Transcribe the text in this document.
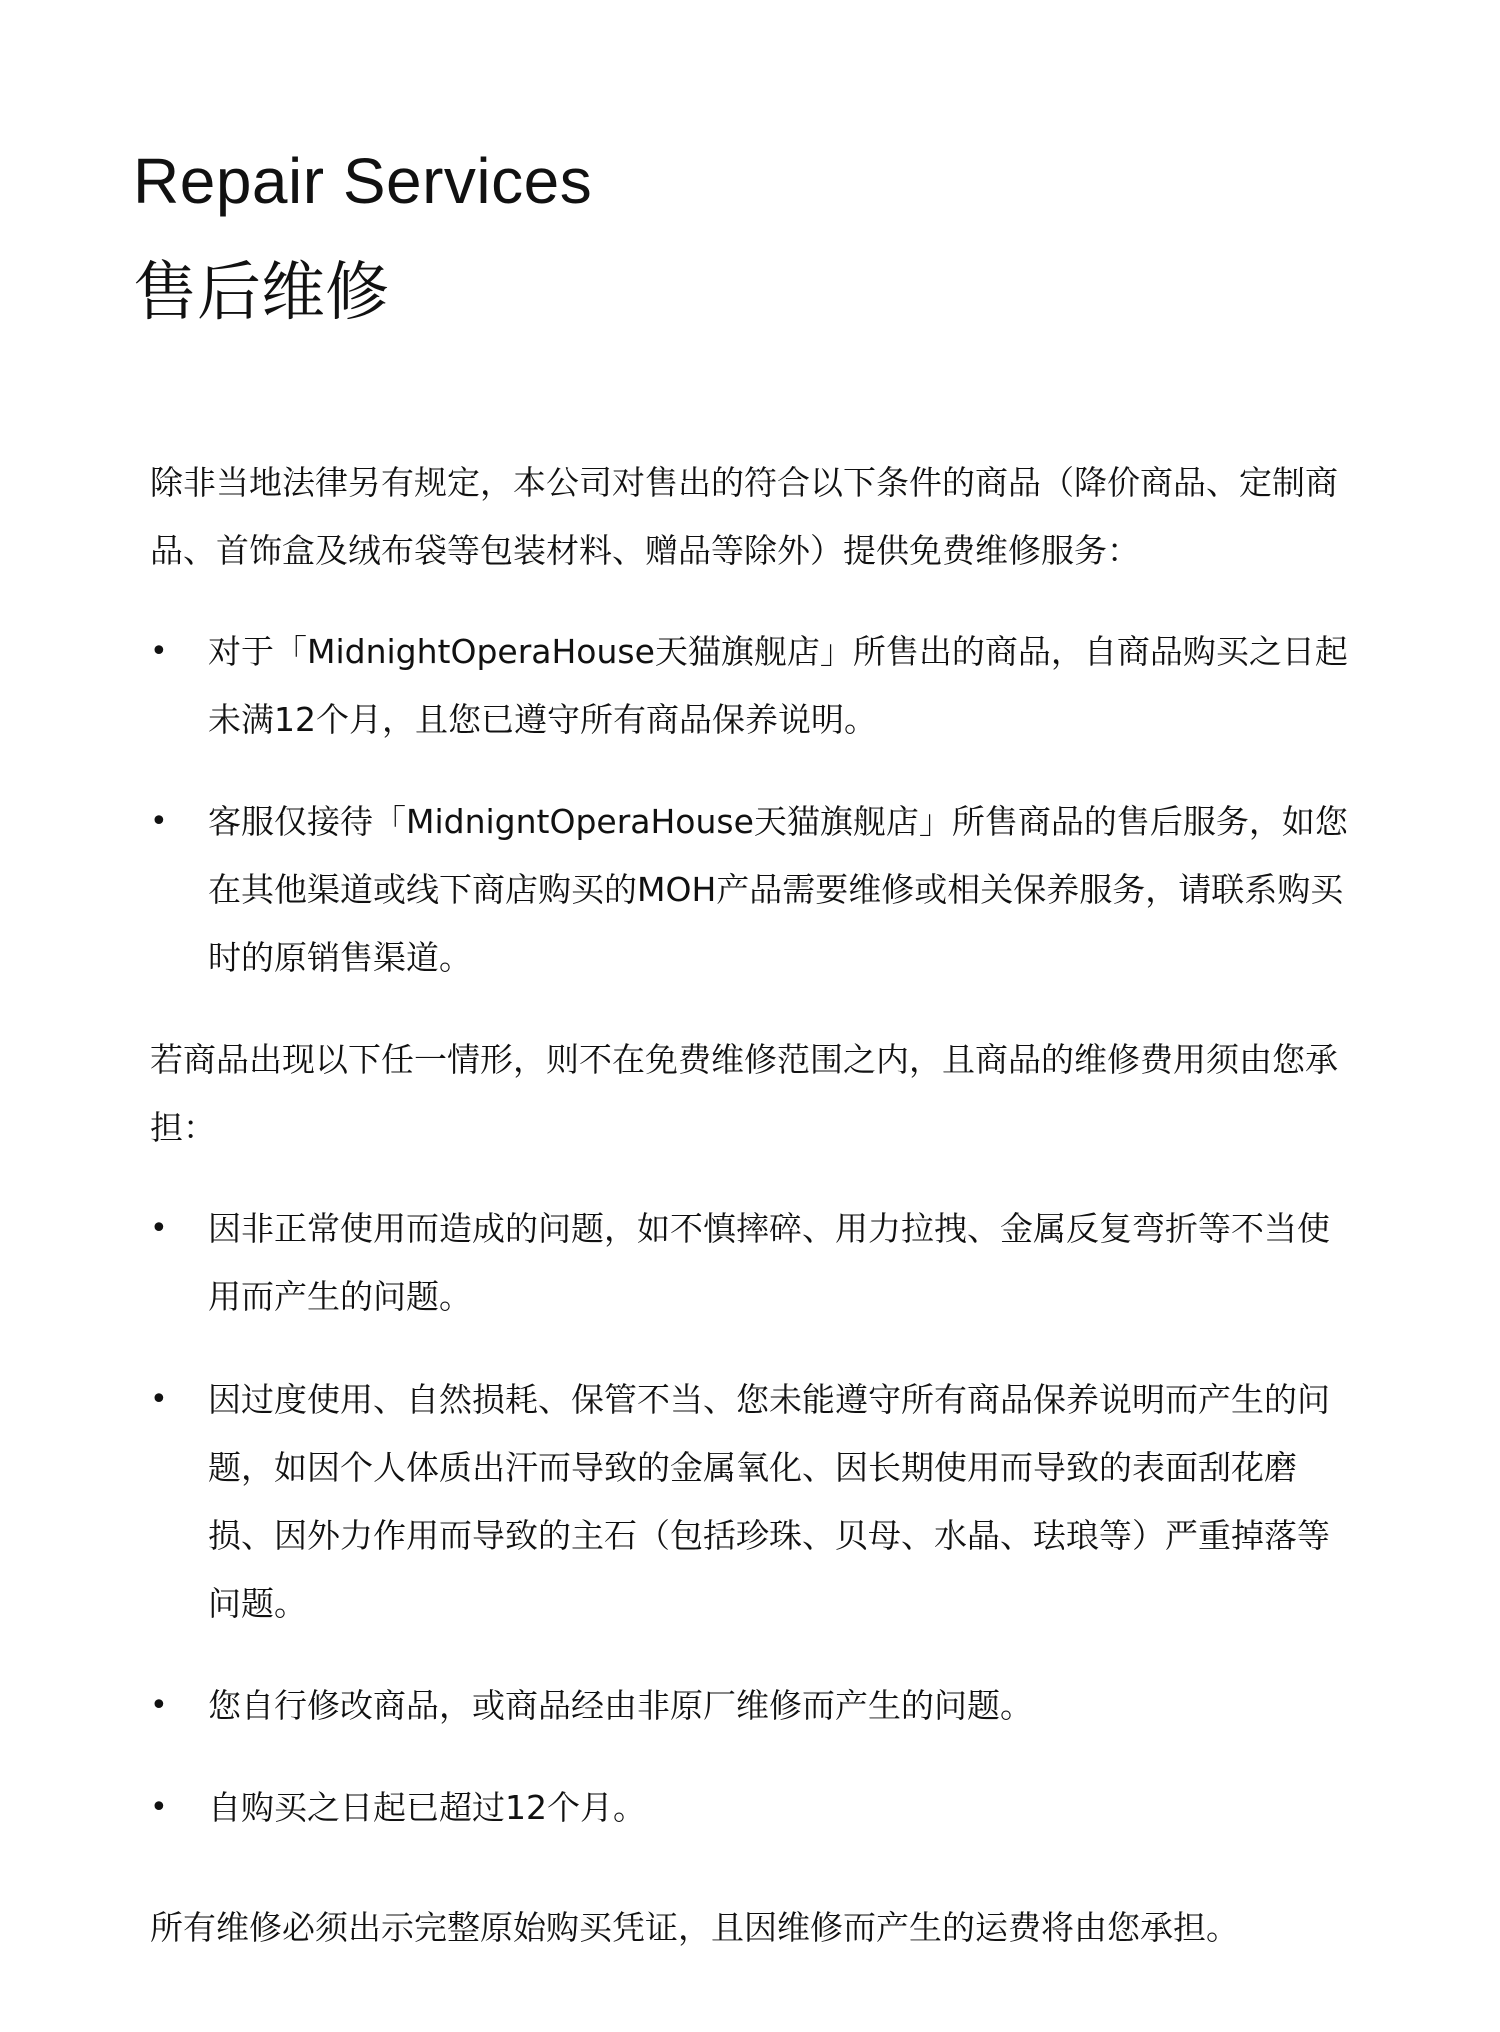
Repair Services
售后维修

除非当地法律另有规定，本公司对售出的符合以下条件的商品（降价商品、定制商品、首饰盒及绒布袋等包装材料、赠品等除外）提供免费维修服务：

•	对于「MidnightOperaHouse天猫旗舰店」所售出的商品，自商品购买之日起未满12个月，且您已遵守所有商品保养说明。
•	客服仅接待「MidnigntOperaHouse天猫旗舰店」所售商品的售后服务，如您在其他渠道或线下商店购买的MOH产品需要维修或相关保养服务，请联系购买时的原销售渠道。

若商品出现以下任一情形，则不在免费维修范围之内，且商品的维修费用须由您承担：

•	因非正常使用而造成的问题，如不慎摔碎、用力拉拽、金属反复弯折等不当使用而产生的问题。
•	因过度使用、自然损耗、保管不当、您未能遵守所有商品保养说明而产生的问题，如因个人体质出汗而导致的金属氧化、因长期使用而导致的表面刮花磨损、因外力作用而导致的主石（包括珍珠、贝母、水晶、珐琅等）严重掉落等问题。
•	您自行修改商品，或商品经由非原厂维修而产生的问题。
•	自购买之日起已超过12个月。

所有维修必须出示完整原始购买凭证，且因维修而产生的运费将由您承担。
